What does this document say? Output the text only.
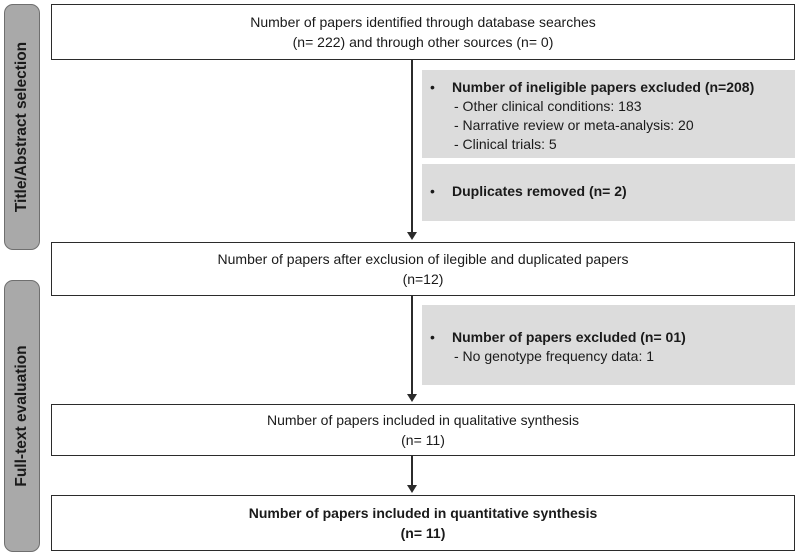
Title/Abstract selection
Full-text evaluation
Number of papers identified through database searches
(n= 222) and through other sources (n= 0)
• Number of ineligible papers excluded (n=208)
- Other clinical conditions: 183
- Narrative review or meta-analysis: 20
- Clinical trials: 5
• Duplicates removed (n= 2)
Number of papers after exclusion of ilegible and duplicated papers
(n=12)
• Number of papers excluded (n= 01)
- No genotype frequency data: 1
Number of papers included in qualitative synthesis
(n= 11)
Number of papers included in quantitative synthesis
(n= 11)
